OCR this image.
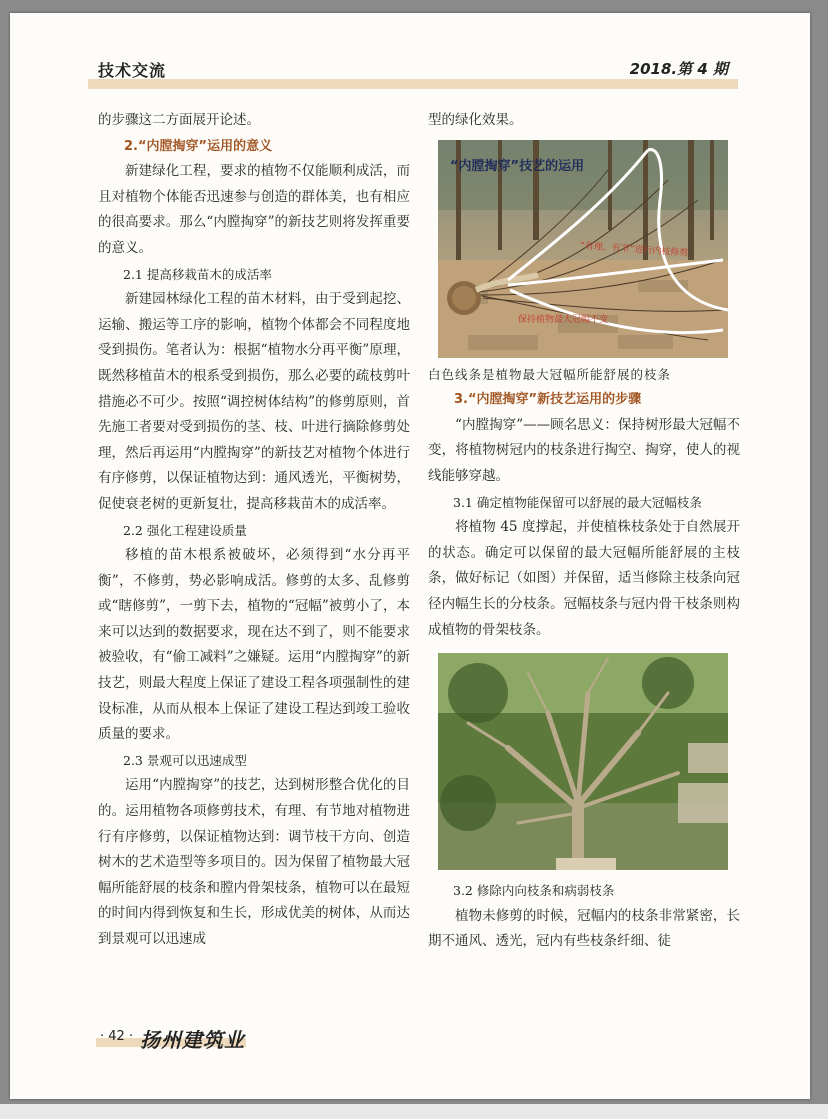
技术交流	2018.第 4 期

的步骤这二方面展开论述。

2.“内膛掏穿”运用的意义

新建绿化工程，要求的植物不仅能顺利成活，而且对植物个体能否迅速参与创造的群体美，也有相应的很高要求。那么“内膛掏穿”的新技艺则将发挥重要的意义。

2.1 提高移栽苗木的成活率

新建园林绿化工程的苗木材料，由于受到起挖、运输、搬运等工序的影响，植物个体都会不同程度地受到损伤。笔者认为：根据“植物水分再平衡”原理，既然移植苗木的根系受到损伤，那么必要的疏枝剪叶措施必不可少。按照“调控树体结构”的修剪原则，首先施工者要对受到损伤的茎、枝、叶进行摘除修剪处理，然后再运用“内膛掏穿”的新技艺对植物个体进行有序修剪，以保证植物达到：通风透光，平衡树势，促使衰老树的更新复壮，提高移栽苗木的成活率。

2.2 强化工程建设质量

移植的苗木根系被破坏，必须得到“水分再平衡”，不修剪，势必影响成活。修剪的太多、乱修剪或“瞎修剪”，一剪下去，植物的“冠幅”被剪小了，本来可以达到的数据要求，现在达不到了，则不能要求被验收，有“偷工减料”之嫌疑。运用“内膛掏穿”的新技艺，则最大程度上保证了建设工程各项强制性的建设标准，从而从根本上保证了建设工程达到竣工验收质量的要求。

2.3 景观可以迅速成型

运用“内膛掏穿”的技艺，达到树形整合优化的目的。运用植物各项修剪技术，有理、有节地对植物进行有序修剪，以保证植物达到：调节枝干方向、创造树木的艺术造型等多项目的。因为保留了植物最大冠幅所能舒展的枝条和膛内骨架枝条，植物可以在最短的时间内得到恢复和生长，形成优美的树体，从而达到景观可以迅速成

型的绿化效果。

“内膛掏穿”技艺的运用
“有理、有节”进行内枝修剪
保持植物最大冠幅不变

白色线条是植物最大冠幅所能舒展的枝条

3.“内膛掏穿”新技艺运用的步骤

“内膛掏穿”——顾名思义：保持树形最大冠幅不变，将植物树冠内的枝条进行掏空、掏穿，使人的视线能够穿越。

3.1 确定植物能保留可以舒展的最大冠幅枝条

将植物 45 度撑起，并使植株枝条处于自然展开的状态。确定可以保留的最大冠幅所能舒展的主枝条，做好标记（如图）并保留，适当修除主枝条向冠径内幅生长的分枝条。冠幅枝条与冠内骨干枝条则构成植物的骨架枝条。

3.2 修除内向枝条和病弱枝条

植物未修剪的时候，冠幅内的枝条非常紧密，长期不通风、透光，冠内有些枝条纤细、徒

· 42 · 扬州建筑业
